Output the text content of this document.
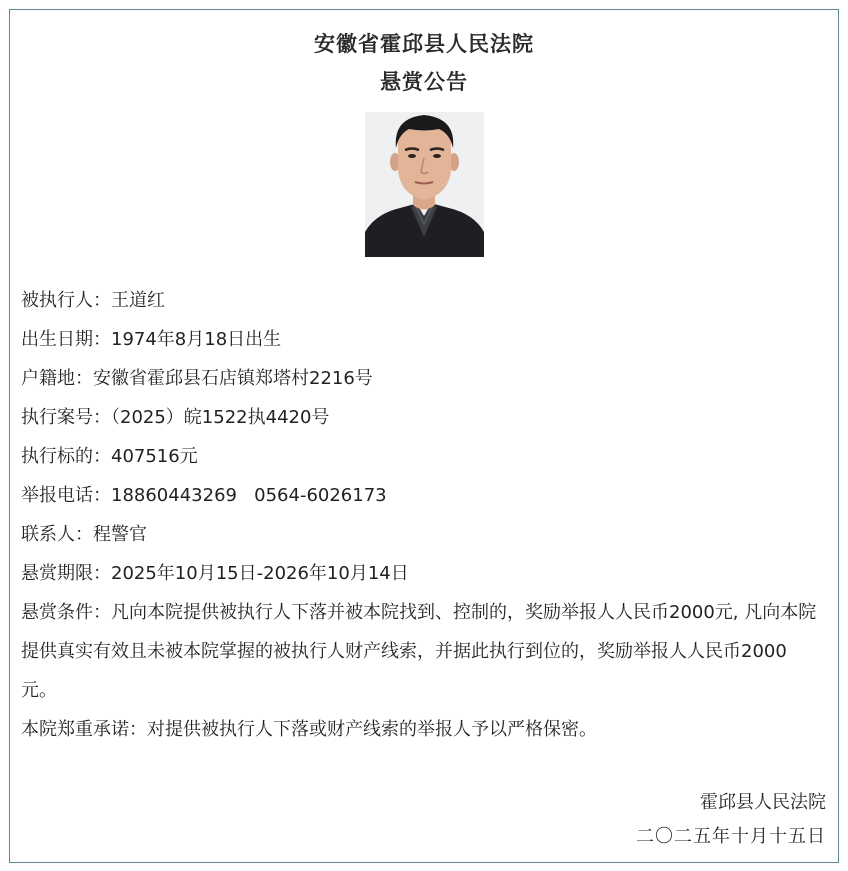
安徽省霍邱县人民法院
悬赏公告
被执行人：王道红
出生日期：1974年8月18日出生
户籍地：安徽省霍邱县石店镇郑塔村2216号
执行案号：（2025）皖1522执4420号
执行标的：407516元
举报电话：18860443269   0564-6026173
联系人：程警官
悬赏期限：2025年10月15日-2026年10月14日
悬赏条件：凡向本院提供被执行人下落并被本院找到、控制的，奖励举报人人民币2000元, 凡向本院提供真实有效且未被本院掌握的被执行人财产线索，并据此执行到位的，奖励举报人人民币2000元。
本院郑重承诺：对提供被执行人下落或财产线索的举报人予以严格保密。
霍邱县人民法院
二〇二五年十月十五日
